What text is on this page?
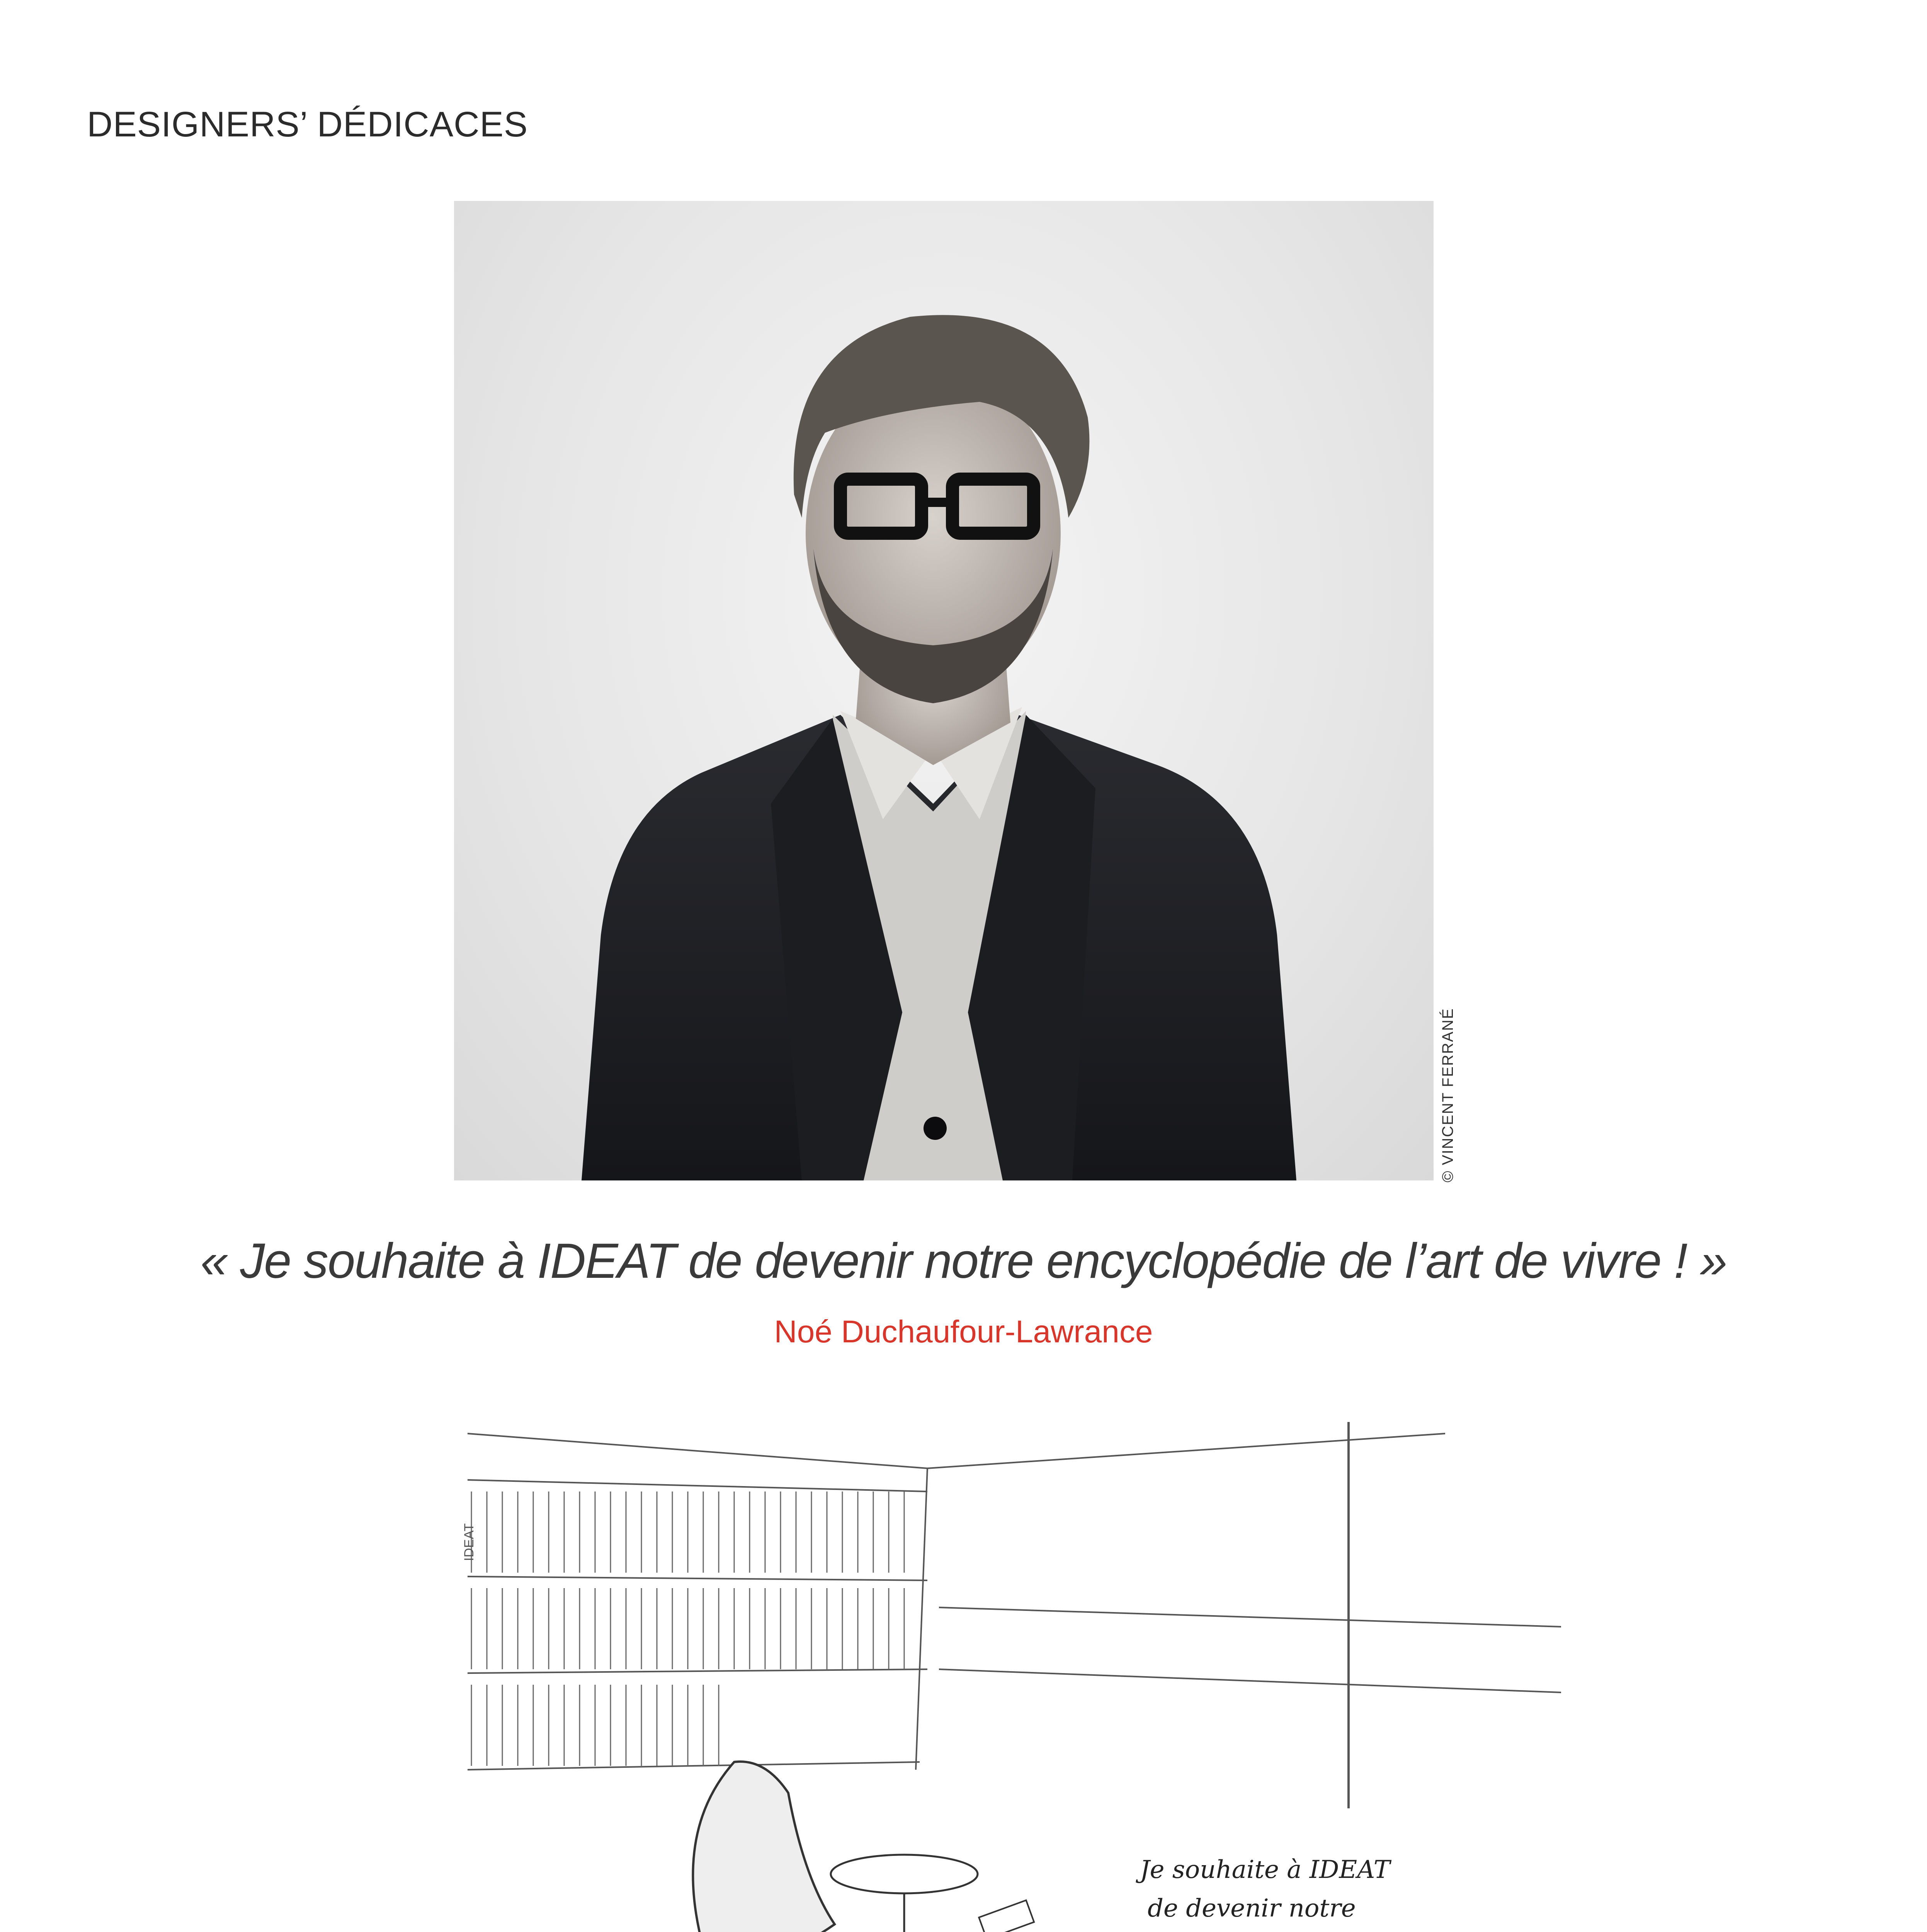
DESIGNERS’ DÉDICACES
© VINCENT FERRANÉ
« Je souhaite à IDEAT de devenir notre encyclopédie de l’art de vivre ! »
Noé Duchaufour-Lawrance
IDEAT
Je souhaite à IDEAT
de devenir notre
